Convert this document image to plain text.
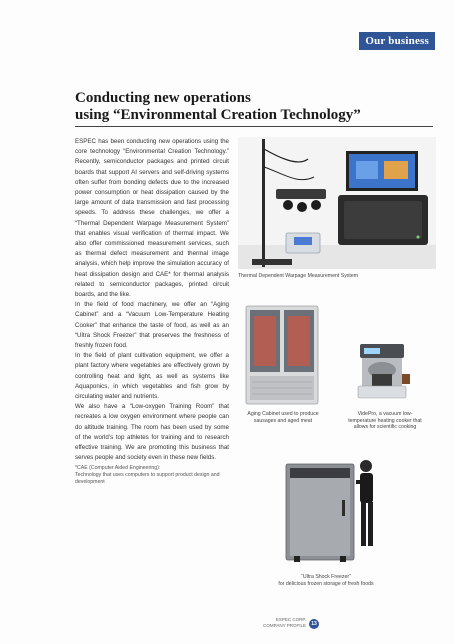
Our business
Conducting new operations
using “Environmental Creation Technology”

ESPEC has been conducting new operations using the core technology “Environmental Creation Technology.” Recently, semiconductor packages and printed circuit boards that support AI servers and self-driving systems often suffer from bonding defects due to the increased power consumption or heat dissipation caused by the large amount of data transmission and fast processing speeds. To address these challenges, we offer a “Thermal Dependent Warpage Measurement System” that enables visual verification of thermal impact. We also offer commissioned measurement services, such as thermal defect measurement and thermal image analysis, which help improve the simulation accuracy of heat dissipation design and CAE* for thermal analysis related to semiconductor packages, printed circuit boards, and the like.

In the field of food machinery, we offer an “Aging Cabinet” and a “Vacuum Low-Temperature Heating Cooker” that enhance the taste of food, as well as an “Ultra Shock Freezer” that preserves the freshness of freshly frozen food.

In the field of plant cultivation equipment, we offer a plant factory where vegetables are effectively grown by controlling heat and light, as well as systems like Aquaponics, in which vegetables and fish grow by circulating water and nutrients.

We also have a “Low-oxygen Training Room” that recreates a low oxygen environment where people can do altitude training. The room has been used by some of the world’s top athletes for training and to research effective training. We are promoting this business that serves people and society even in these new fields.

*CAE (Computer Aided Engineering):

Technology that uses computers to support product design and development

Thermal Dependent Warpage Measurement System
Aging Cabinet used to produce sausages and aged meat
VidePro, a vacuum low-temperature heating cooker that allows for scientific cooking
“Ultra Shock Freezer”
for delicious frozen storage of fresh foods
ESPEC CORP.
COMPANY PROFILE	13
